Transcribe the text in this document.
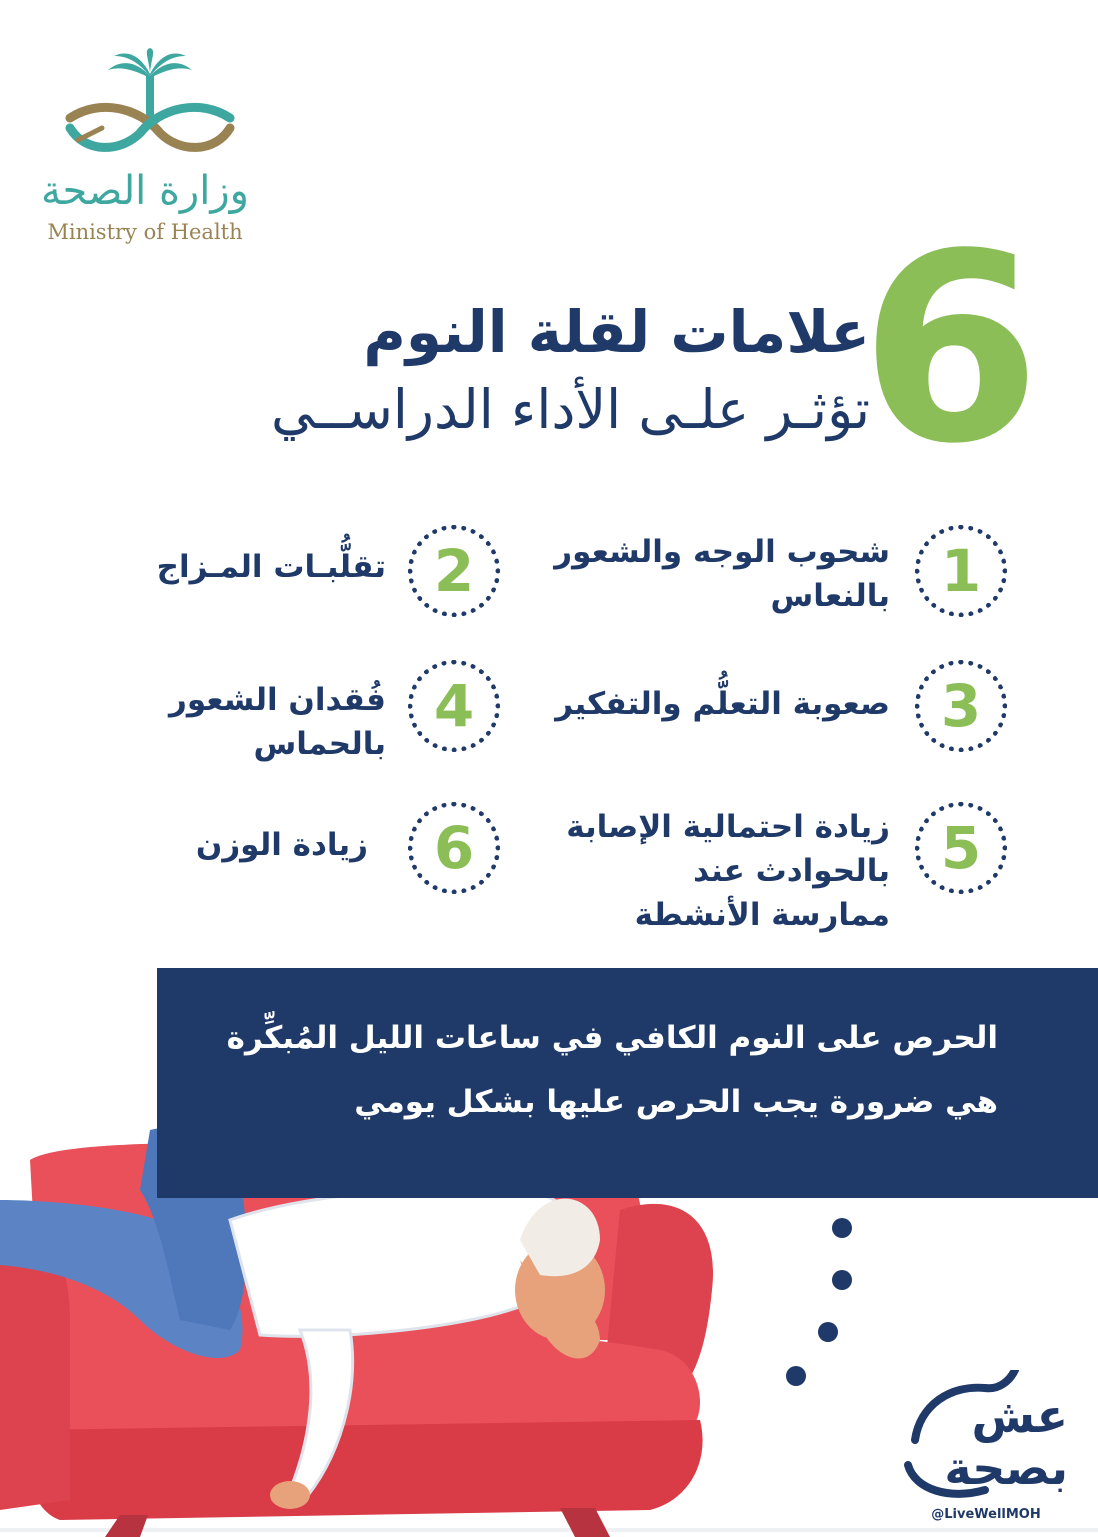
وزارة الصحة
Ministry of Health 6
علامات لقلة النوم
تؤثـر علـى الأداء الدراســي
1
شحوب الوجه والشعور
بالنعاس
2
تقلُّبـات المـزاج
3
صعوبة التعلُّم والتفكير
4
فُقدان الشعور
بالحماس
5
زيادة احتمالية الإصابة
بالحوادث عند
ممارسة الأنشطة
6
زيادة الوزن
الحرص على النوم الكافي في ساعات الليل المُبكِّرة
هي ضرورة يجب الحرص عليها بشكل يومي
عش
بصحة
@LiveWellMOH
